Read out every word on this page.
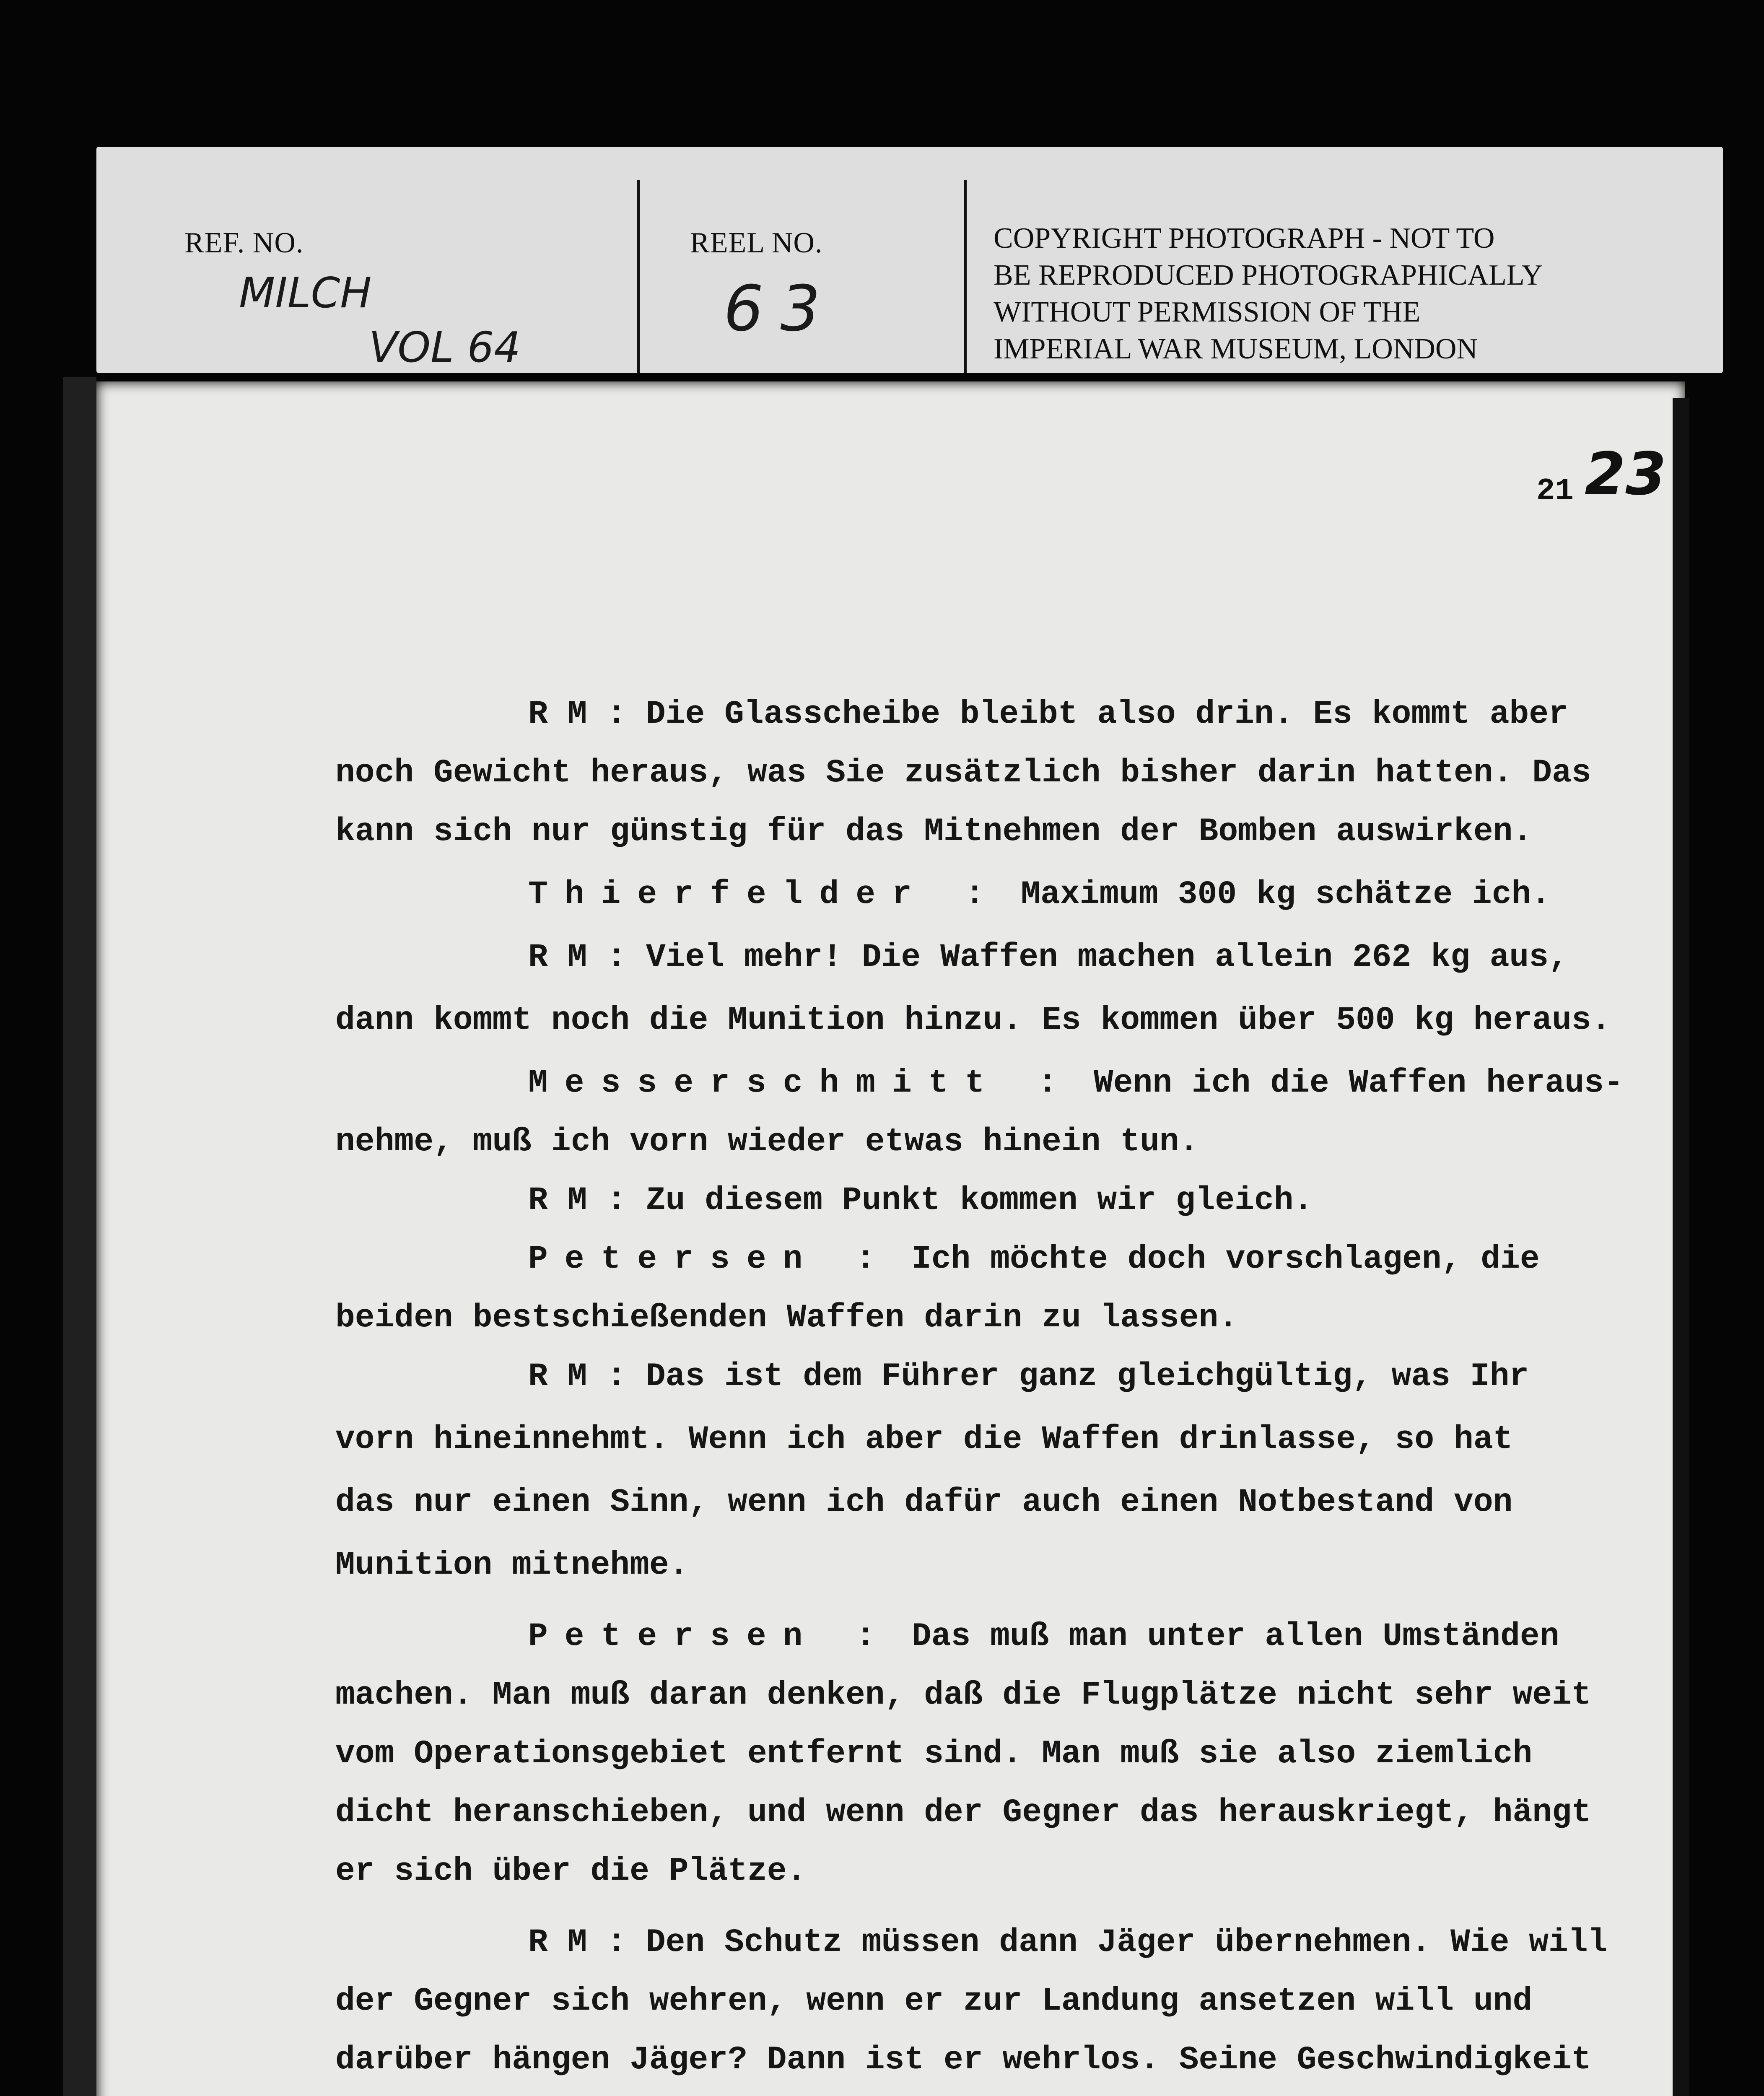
REF. NO.
MILCH
VOL 64
REEL NO.
63
COPYRIGHT PHOTOGRAPH - NOT TO
BE REPRODUCED PHOTOGRAPHICALLY
WITHOUT PERMISSION OF THE
IMPERIAL WAR MUSEUM, LONDON
21 23
R M : Die Glasscheibe bleibt also drin. Es kommt aber
noch Gewicht heraus, was Sie zusätzlich bisher darin hatten. Das
kann sich nur günstig für das Mitnehmen der Bomben auswirken.
Thierfelder : Maximum 300 kg schätze ich.
R M : Viel mehr! Die Waffen machen allein 262 kg aus,
dann kommt noch die Munition hinzu. Es kommen über 500 kg heraus.
Messerschmitt : Wenn ich die Waffen heraus-
nehme, muß ich vorn wieder etwas hinein tun.
R M : Zu diesem Punkt kommen wir gleich.
Petersen : Ich möchte doch vorschlagen, die
beiden bestschießenden Waffen darin zu lassen.
R M : Das ist dem Führer ganz gleichgültig, was Ihr
vorn hineinnehmt. Wenn ich aber die Waffen drinlasse, so hat
das nur einen Sinn, wenn ich dafür auch einen Notbestand von
Munition mitnehme.
Petersen : Das muß man unter allen Umständen
machen. Man muß daran denken, daß die Flugplätze nicht sehr weit
vom Operationsgebiet entfernt sind. Man muß sie also ziemlich
dicht heranschieben, und wenn der Gegner das herauskriegt, hängt
er sich über die Plätze.
R M : Den Schutz müssen dann Jäger übernehmen. Wie will
der Gegner sich wehren, wenn er zur Landung ansetzen will und
darüber hängen Jäger? Dann ist er wehrlos. Seine Geschwindigkeit
